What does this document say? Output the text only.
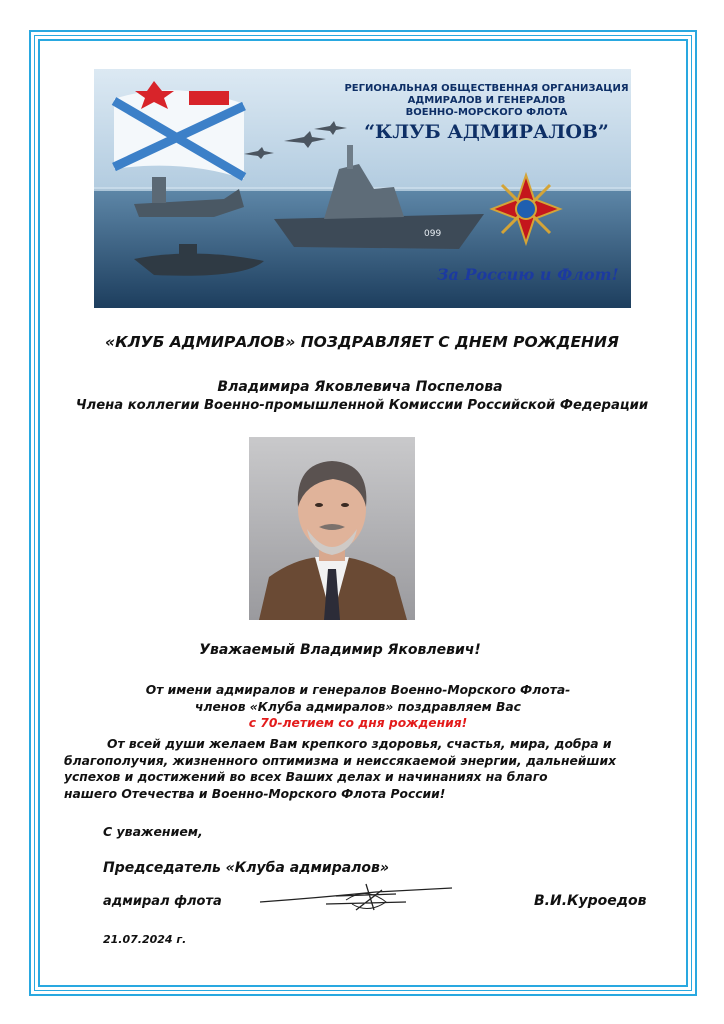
099
РЕГИОНАЛЬНАЯ ОБЩЕСТВЕННАЯ ОРГАНИЗАЦИЯ
АДМИРАЛОВ И ГЕНЕРАЛОВ
ВОЕННО-МОРСКОГО ФЛОТА
“КЛУБ АДМИРАЛОВ”
За Россию и Флот!
«КЛУБ АДМИРАЛОВ» ПОЗДРАВЛЯЕТ С ДНЕМ РОЖДЕНИЯ
Владимира Яковлевича Поспелова
Члена коллегии Военно-промышленной Комиссии Российской Федерации
Уважаемый Владимир Яковлевич!
От имени адмиралов и генералов Военно-Морского Флота-
членов «Клуба адмиралов» поздравляем Вас
с 70-летием со дня рождения!
От всей души желаем Вам крепкого здоровья, счастья, мира, добра и
благополучия, жизненного оптимизма и неиссякаемой энергии, дальнейших
успехов и достижений во всех Ваших делах и начинаниях на благо
нашего Отечества и Военно-Морского Флота России!
С уважением,
Председатель «Клуба адмиралов»
адмирал флота	В.И.Куроедов
21.07.2024 г.
